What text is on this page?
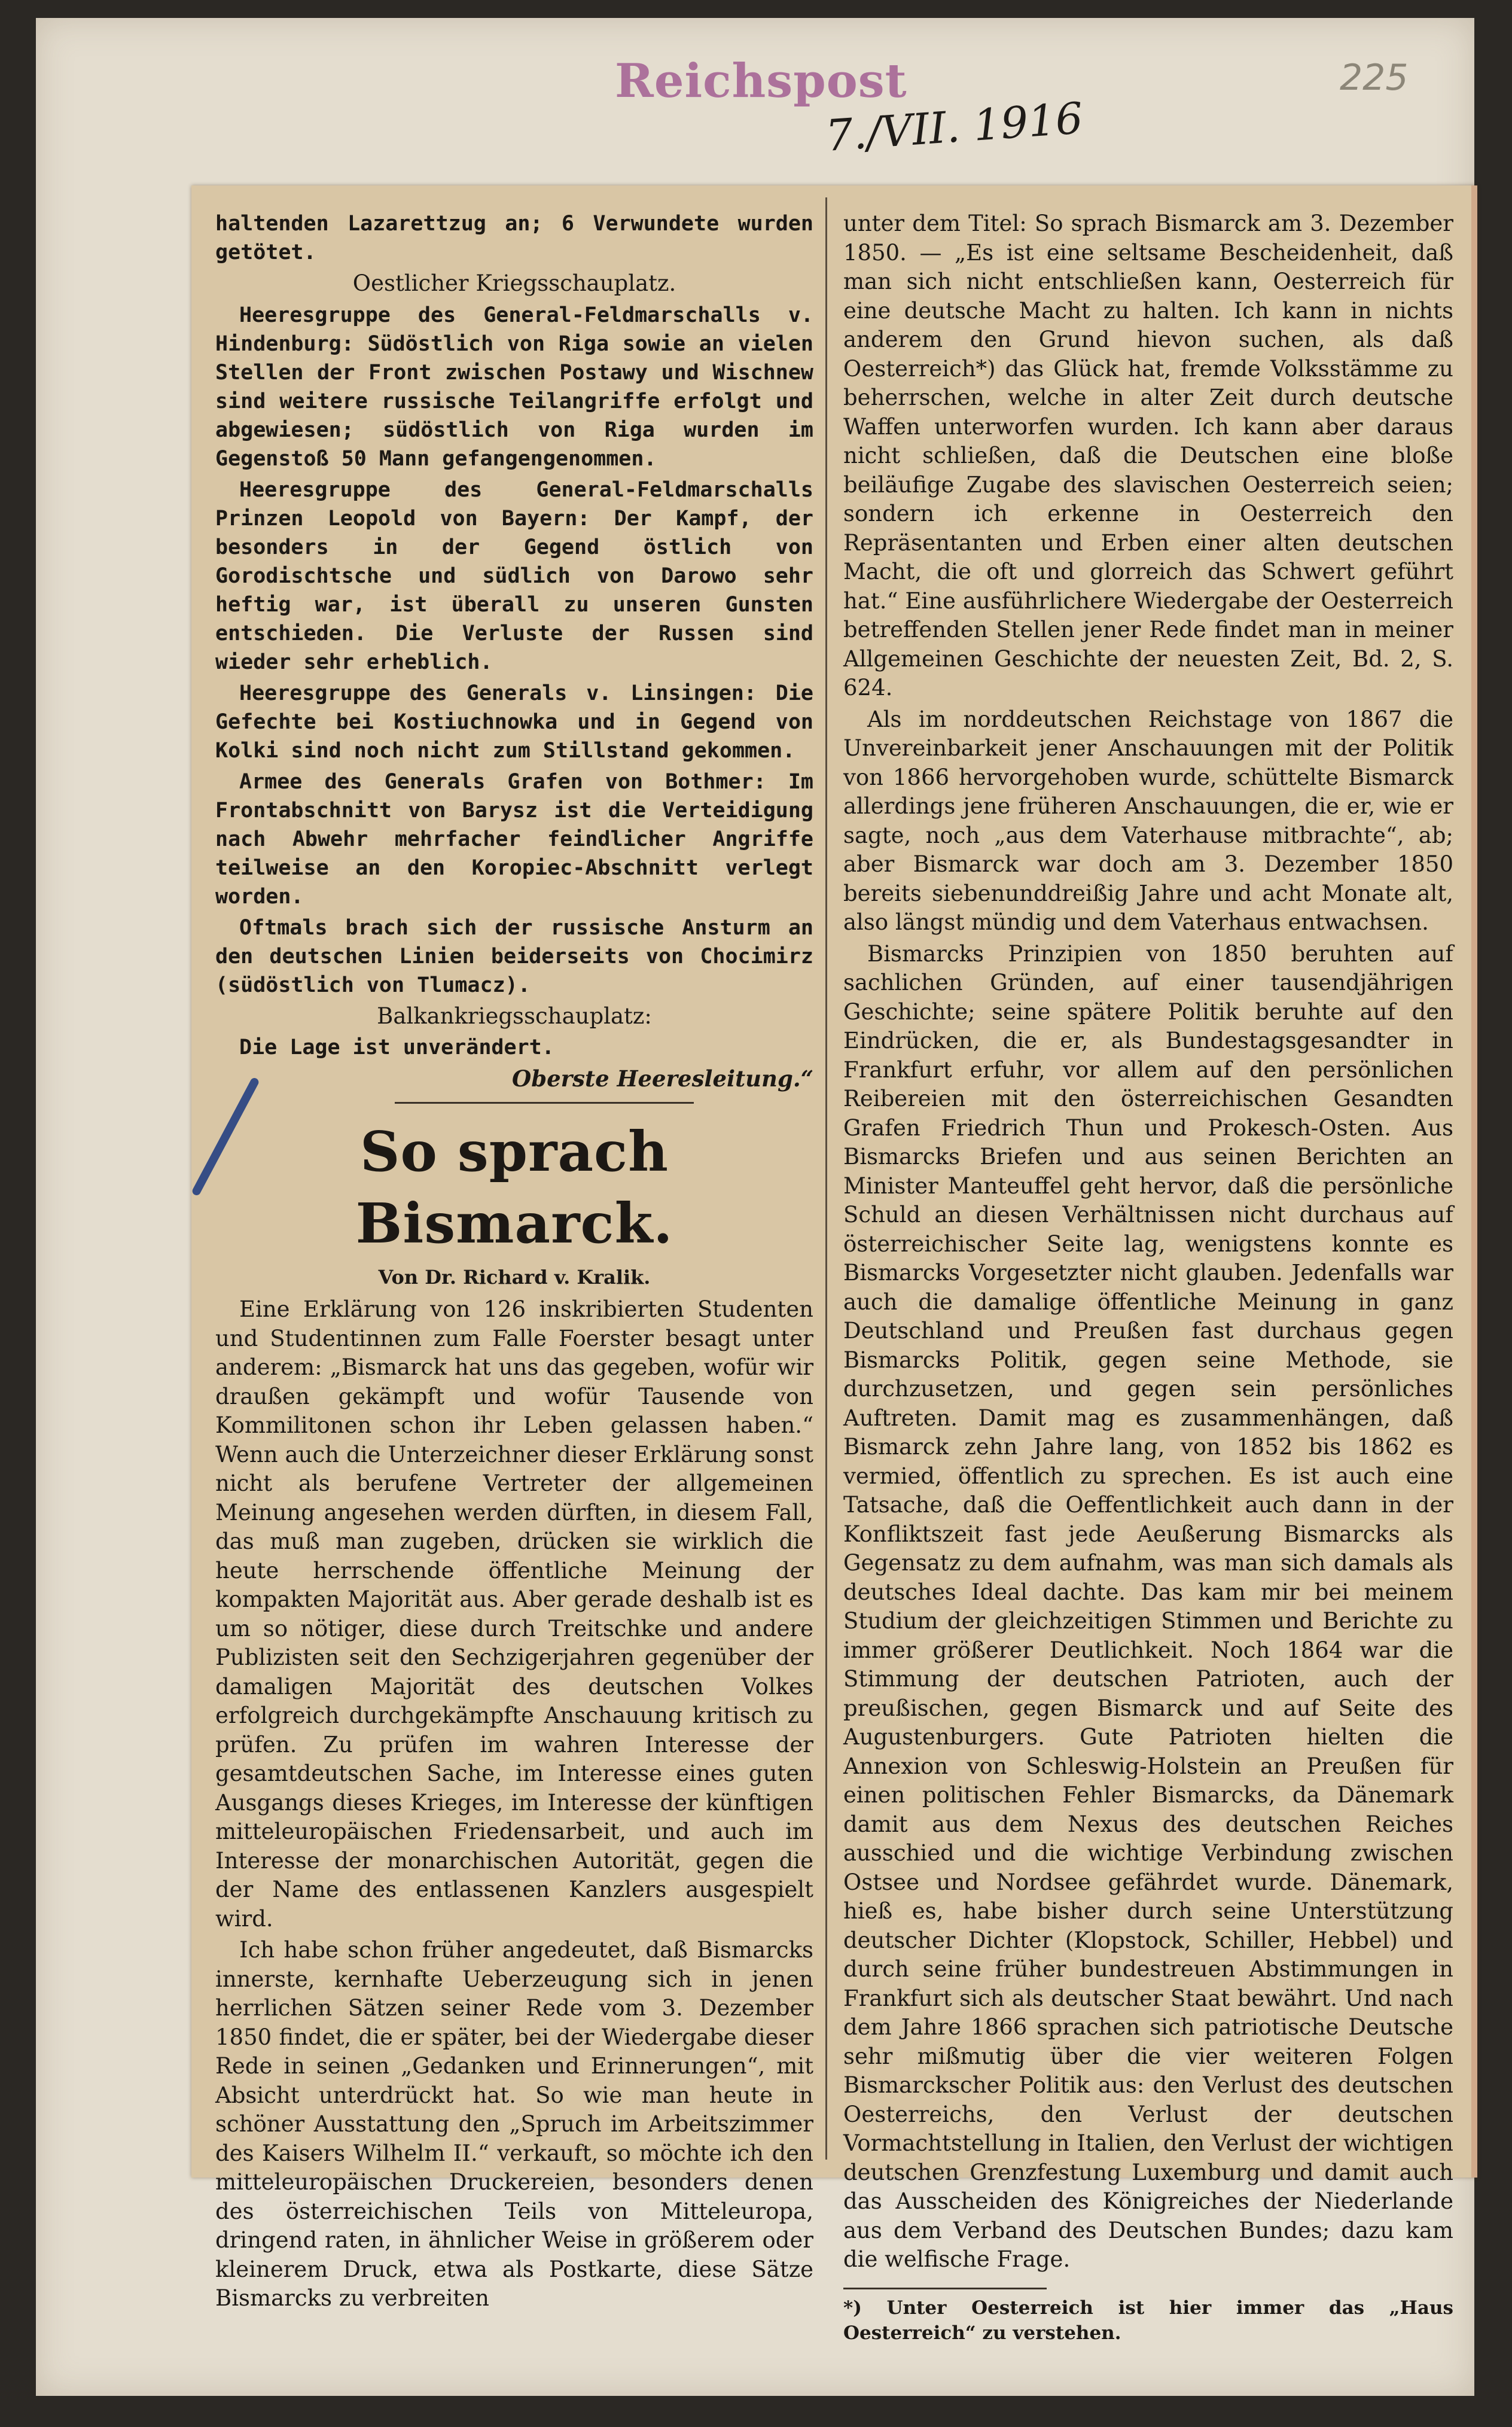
Reichspost	225
7./VII. 1916

haltenden Lazarettzug an; 6 Verwundete wurden getötet.

Oestlicher Kriegsschauplatz.

Heeresgruppe des General-Feldmarschalls v. Hindenburg: Südöstlich von Riga sowie an vielen Stellen der Front zwischen Postawy und Wischnew sind weitere russische Teilangriffe erfolgt und abgewiesen; südöstlich von Riga wurden im Gegenstoß 50 Mann gefangengenommen.

Heeresgruppe des General-Feldmarschalls Prinzen Leopold von Bayern: Der Kampf, der besonders in der Gegend östlich von Gorodischtsche und südlich von Darowo sehr heftig war, ist überall zu unseren Gunsten entschieden. Die Verluste der Russen sind wieder sehr erheblich.

Heeresgruppe des Generals v. Linsingen: Die Gefechte bei Kostiuchnowka und in Gegend von Kolki sind noch nicht zum Stillstand gekommen.

Armee des Generals Grafen von Bothmer: Im Frontabschnitt von Barysz ist die Verteidigung nach Abwehr mehrfacher feindlicher Angriffe teilweise an den Koropiec-Abschnitt verlegt worden.

Oftmals brach sich der russische Ansturm an den deutschen Linien beiderseits von Chocimirz (südöstlich von Tlumacz).

Balkankriegsschauplatz:

Die Lage ist unverändert.

Oberste Heeresleitung.“

So sprach Bismarck.
Von Dr. Richard v. Kralik.

Eine Erklärung von 126 inskribierten Studenten und Studentinnen zum Falle Foerster besagt unter anderem: „Bismarck hat uns das gegeben, wofür wir draußen gekämpft und wofür Tausende von Kommilitonen schon ihr Leben gelassen haben.“ Wenn auch die Unterzeichner dieser Erklärung sonst nicht als berufene Vertreter der allgemeinen Meinung angesehen werden dürften, in diesem Fall, das muß man zugeben, drücken sie wirklich die heute herrschende öffentliche Meinung der kompakten Majorität aus. Aber gerade deshalb ist es um so nötiger, diese durch Treitschke und andere Publizisten seit den Sechzigerjahren gegenüber der damaligen Majorität des deutschen Volkes erfolgreich durchgekämpfte Anschauung kritisch zu prüfen. Zu prüfen im wahren Interesse der gesamtdeutschen Sache, im Interesse eines guten Ausgangs dieses Krieges, im Interesse der künftigen mitteleuropäischen Friedensarbeit, und auch im Interesse der monarchischen Autorität, gegen die der Name des entlassenen Kanzlers ausgespielt wird.

Ich habe schon früher angedeutet, daß Bismarcks innerste, kernhafte Ueberzeugung sich in jenen herrlichen Sätzen seiner Rede vom 3. Dezember 1850 findet, die er später, bei der Wiedergabe dieser Rede in seinen „Gedanken und Erinnerungen“, mit Absicht unterdrückt hat. So wie man heute in schöner Ausstattung den „Spruch im Arbeitszimmer des Kaisers Wilhelm II.“ verkauft, so möchte ich den mitteleuropäischen Druckereien, besonders denen des österreichischen Teils von Mitteleuropa, dringend raten, in ähnlicher Weise in größerem oder kleinerem Druck, etwa als Postkarte, diese Sätze Bismarcks zu verbreiten

unter dem Titel: So sprach Bismarck am 3. Dezember 1850. — „Es ist eine seltsame Bescheidenheit, daß man sich nicht entschließen kann, Oesterreich für eine deutsche Macht zu halten. Ich kann in nichts anderem den Grund hievon suchen, als daß Oesterreich*) das Glück hat, fremde Volksstämme zu beherrschen, welche in alter Zeit durch deutsche Waffen unterworfen wurden. Ich kann aber daraus nicht schließen, daß die Deutschen eine bloße beiläufige Zugabe des slavischen Oesterreich seien; sondern ich erkenne in Oesterreich den Repräsentanten und Erben einer alten deutschen Macht, die oft und glorreich das Schwert geführt hat.“ Eine ausführlichere Wiedergabe der Oesterreich betreffenden Stellen jener Rede findet man in meiner Allgemeinen Geschichte der neuesten Zeit, Bd. 2, S. 624.

Als im norddeutschen Reichstage von 1867 die Unvereinbarkeit jener Anschauungen mit der Politik von 1866 hervorgehoben wurde, schüttelte Bismarck allerdings jene früheren Anschauungen, die er, wie er sagte, noch „aus dem Vaterhause mitbrachte“, ab; aber Bismarck war doch am 3. Dezember 1850 bereits siebenunddreißig Jahre und acht Monate alt, also längst mündig und dem Vaterhaus entwachsen.

Bismarcks Prinzipien von 1850 beruhten auf sachlichen Gründen, auf einer tausendjährigen Geschichte; seine spätere Politik beruhte auf den Eindrücken, die er, als Bundestagsgesandter in Frankfurt erfuhr, vor allem auf den persönlichen Reibereien mit den österreichischen Gesandten Grafen Friedrich Thun und Prokesch-Osten. Aus Bismarcks Briefen und aus seinen Berichten an Minister Manteuffel geht hervor, daß die persönliche Schuld an diesen Verhältnissen nicht durchaus auf österreichischer Seite lag, wenigstens konnte es Bismarcks Vorgesetzter nicht glauben. Jedenfalls war auch die damalige öffentliche Meinung in ganz Deutschland und Preußen fast durchaus gegen Bismarcks Politik, gegen seine Methode, sie durchzusetzen, und gegen sein persönliches Auftreten. Damit mag es zusammenhängen, daß Bismarck zehn Jahre lang, von 1852 bis 1862 es vermied, öffentlich zu sprechen. Es ist auch eine Tatsache, daß die Oeffentlichkeit auch dann in der Konfliktszeit fast jede Aeußerung Bismarcks als Gegensatz zu dem aufnahm, was man sich damals als deutsches Ideal dachte. Das kam mir bei meinem Studium der gleichzeitigen Stimmen und Berichte zu immer größerer Deutlichkeit. Noch 1864 war die Stimmung der deutschen Patrioten, auch der preußischen, gegen Bismarck und auf Seite des Augustenburgers. Gute Patrioten hielten die Annexion von Schleswig-Holstein an Preußen für einen politischen Fehler Bismarcks, da Dänemark damit aus dem Nexus des deutschen Reiches ausschied und die wichtige Verbindung zwischen Ostsee und Nordsee gefährdet wurde. Dänemark, hieß es, habe bisher durch seine Unterstützung deutscher Dichter (Klopstock, Schiller, Hebbel) und durch seine früher bundestreuen Abstimmungen in Frankfurt sich als deutscher Staat bewährt. Und nach dem Jahre 1866 sprachen sich patriotische Deutsche sehr mißmutig über die vier weiteren Folgen Bismarckscher Politik aus: den Verlust des deutschen Oesterreichs, den Verlust der deutschen Vormachtstellung in Italien, den Verlust der wichtigen deutschen Grenzfestung Luxemburg und damit auch das Ausscheiden des Königreiches der Niederlande aus dem Verband des Deutschen Bundes; dazu kam die welfische Frage.

*) Unter Oesterreich ist hier immer das „Haus Oesterreich“ zu verstehen.
